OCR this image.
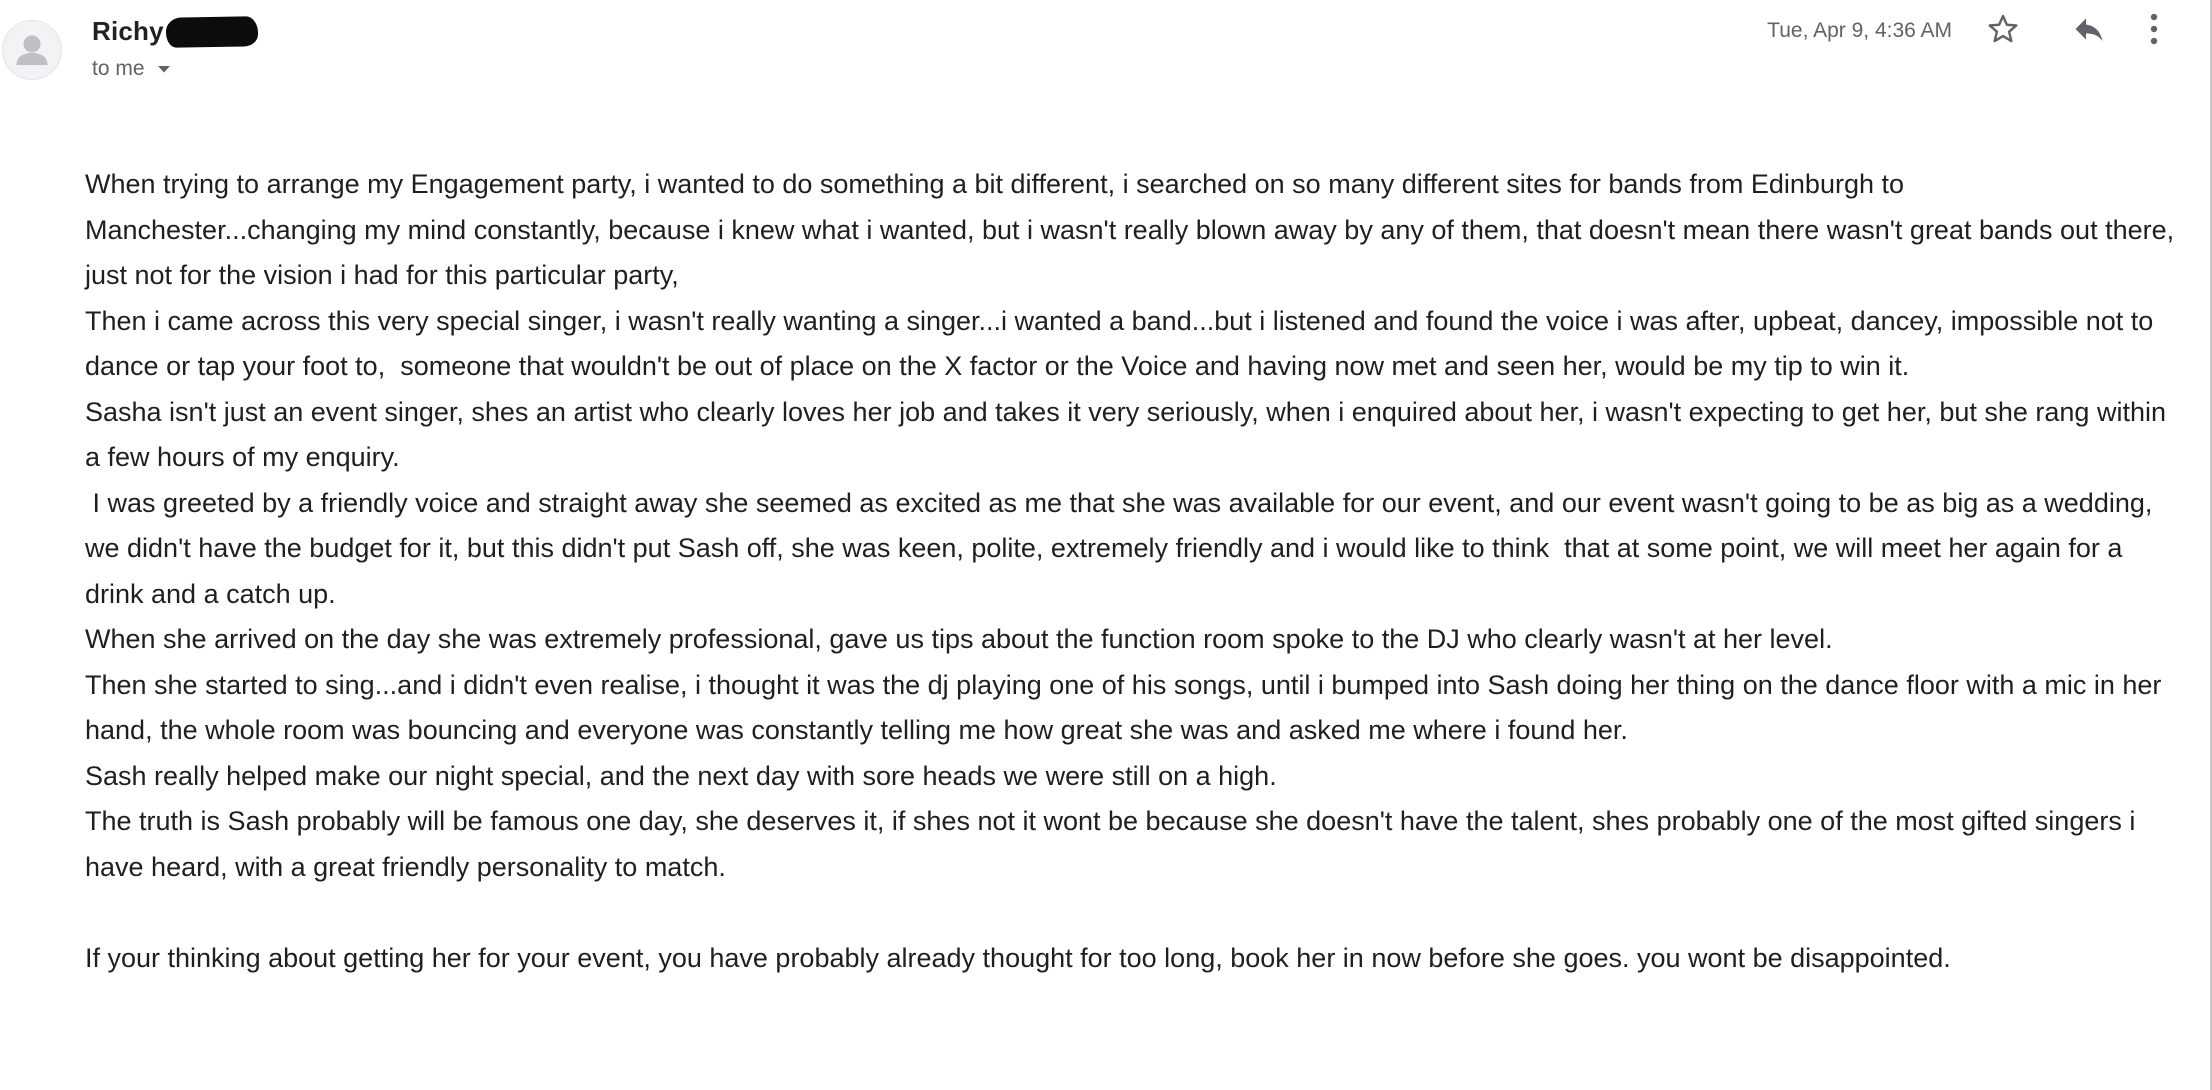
Richy
to me
Tue, Apr 9, 4:36 AM

When trying to arrange my Engagement party, i wanted to do something a bit different, i searched on so many different sites for bands from Edinburgh to Manchester...changing my mind constantly, because i knew what i wanted, but i wasn't really blown away by any of them, that doesn't mean there wasn't great bands out there, just not for the vision i had for this particular party,

Then i came across this very special singer, i wasn't really wanting a singer...i wanted a band...but i listened and found the voice i was after, upbeat, dancey, impossible not to dance or tap your foot to,  someone that wouldn't be out of place on the X factor or the Voice and having now met and seen her, would be my tip to win it.

Sasha isn't just an event singer, shes an artist who clearly loves her job and takes it very seriously, when i enquired about her, i wasn't expecting to get her, but she rang within a few hours of my enquiry.

I was greeted by a friendly voice and straight away she seemed as excited as me that she was available for our event, and our event wasn't going to be as big as a wedding, we didn't have the budget for it, but this didn't put Sash off, she was keen, polite, extremely friendly and i would like to think  that at some point, we will meet her again for a drink and a catch up.

When she arrived on the day she was extremely professional, gave us tips about the function room spoke to the DJ who clearly wasn't at her level.

Then she started to sing...and i didn't even realise, i thought it was the dj playing one of his songs, until i bumped into Sash doing her thing on the dance floor with a mic in her hand, the whole room was bouncing and everyone was constantly telling me how great she was and asked me where i found her.

Sash really helped make our night special, and the next day with sore heads we were still on a high.

The truth is Sash probably will be famous one day, she deserves it, if shes not it wont be because she doesn't have the talent, shes probably one of the most gifted singers i have heard, with a great friendly personality to match.

If your thinking about getting her for your event, you have probably already thought for too long, book her in now before she goes. you wont be disappointed.
